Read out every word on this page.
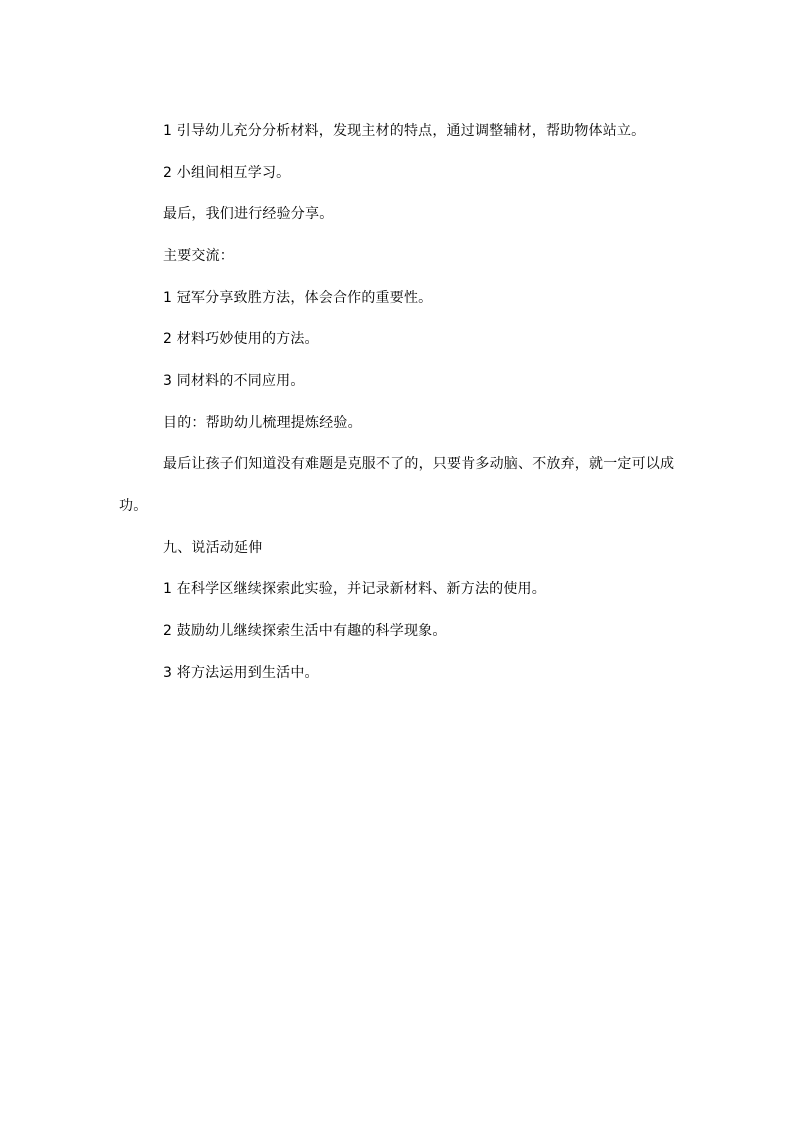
1 引导幼儿充分分析材料，发现主材的特点，通过调整辅材，帮助物体站立。

2 小组间相互学习。

最后，我们进行经验分享。

主要交流：

1 冠军分享致胜方法，体会合作的重要性。

2 材料巧妙使用的方法。

3 同材料的不同应用。

目的：帮助幼儿梳理提炼经验。

最后让孩子们知道没有难题是克服不了的，只要肯多动脑、不放弃，就一定可以成功。

九、说活动延伸

1 在科学区继续探索此实验，并记录新材料、新方法的使用。

2 鼓励幼儿继续探索生活中有趣的科学现象。

3 将方法运用到生活中。
